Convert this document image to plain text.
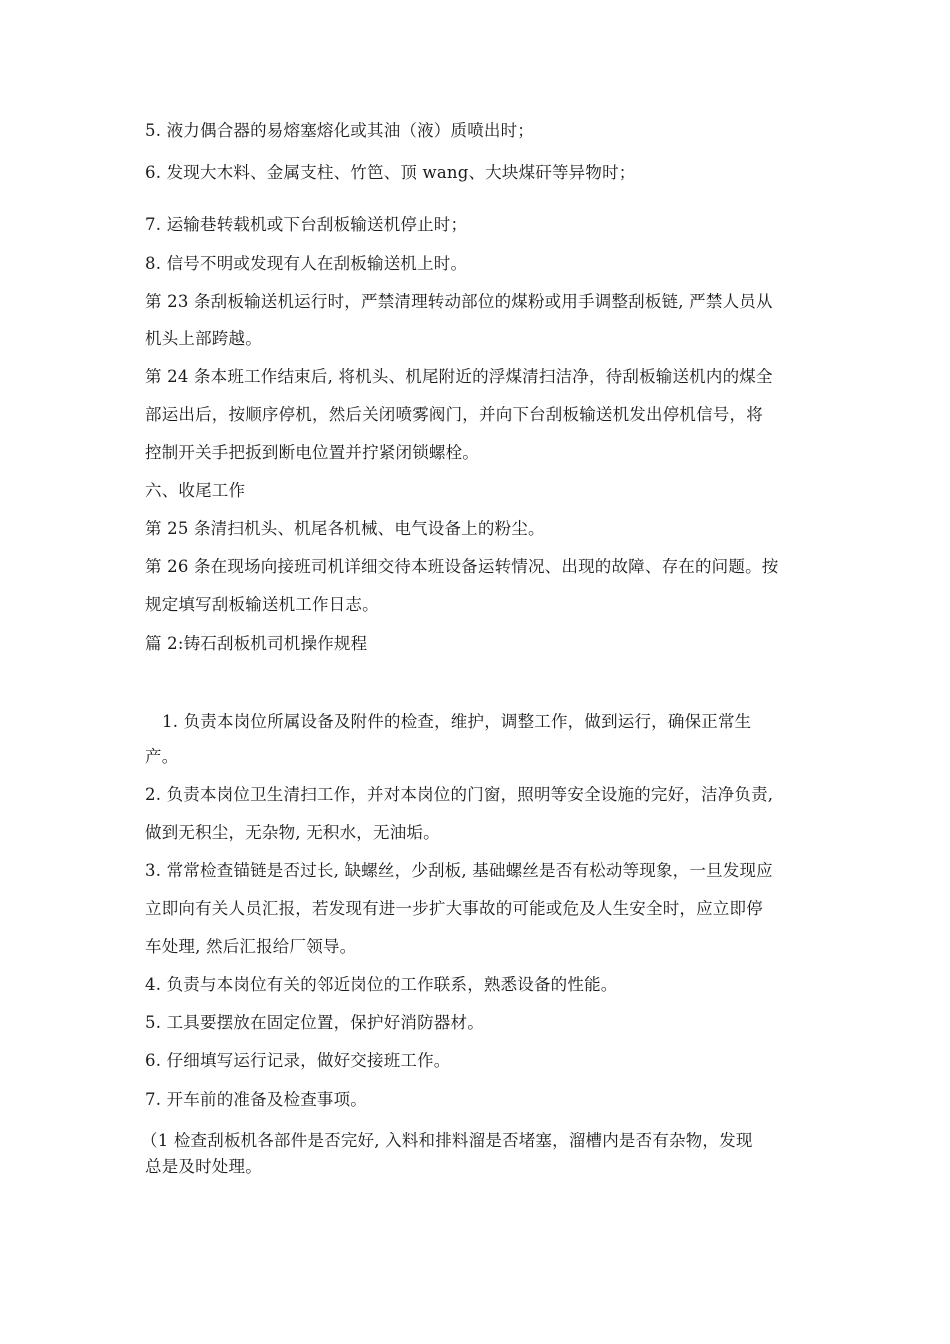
5. 液力偶合器的易熔塞熔化或其油（液）质喷出时；
6. 发现大木料、金属支柱、竹笆、顶 wang、大块煤矸等异物时；
7. 运输巷转载机或下台刮板输送机停止时；
8. 信号不明或发现有人在刮板输送机上时。
第 23 条刮板输送机运行时，严禁清理转动部位的煤粉或用手调整刮板链, 严禁人员从
机头上部跨越。
第 24 条本班工作结束后, 将机头、机尾附近的浮煤清扫洁净，待刮板输送机内的煤全
部运出后，按顺序停机，然后关闭喷雾阀门，并向下台刮板输送机发出停机信号，将
控制开关手把扳到断电位置并拧紧闭锁螺栓。
六、收尾工作
第 25 条清扫机头、机尾各机械、电气设备上的粉尘。
第 26 条在现场向接班司机详细交待本班设备运转情况、出现的故障、存在的问题。按
规定填写刮板输送机工作日志。
篇 2:铸石刮板机司机操作规程
1. 负责本岗位所属设备及附件的检查，维护，调整工作，做到运行，确保正常生
产。
2. 负责本岗位卫生清扫工作，并对本岗位的门窗，照明等安全设施的完好，洁净负责,
做到无积尘，无杂物, 无积水，无油垢。
3. 常常检查锚链是否过长, 缺螺丝，少刮板, 基础螺丝是否有松动等现象，一旦发现应
立即向有关人员汇报，若发现有进一步扩大事故的可能或危及人生安全时，应立即停
车处理, 然后汇报给厂领导。
4. 负责与本岗位有关的邻近岗位的工作联系，熟悉设备的性能。
5. 工具要摆放在固定位置，保护好消防器材。
6. 仔细填写运行记录，做好交接班工作。
7. 开车前的准备及检查事项。
（1 检查刮板机各部件是否完好, 入料和排料溜是否堵塞，溜槽内是否有杂物，发现
总是及时处理。
